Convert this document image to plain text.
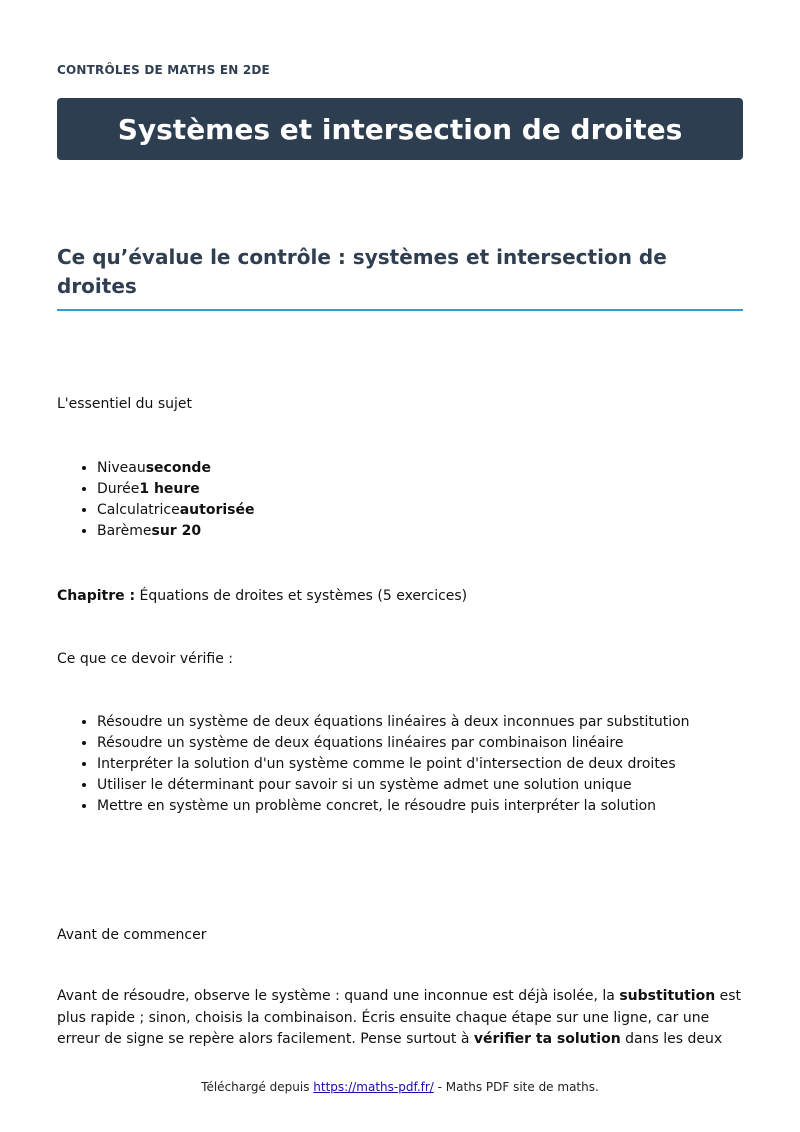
CONTRÔLES DE MATHS EN 2DE
Systèmes et intersection de droites
Ce qu’évalue le contrôle : systèmes et intersection de droites

L'essentiel du sujet

• Niveauseconde
• Durée1 heure
• Calculatriceautorisée
• Barèmesur 20

Chapitre : Équations de droites et systèmes (5 exercices)

Ce que ce devoir vérifie :

• Résoudre un système de deux équations linéaires à deux inconnues par substitution
• Résoudre un système de deux équations linéaires par combinaison linéaire
• Interpréter la solution d'un système comme le point d'intersection de deux droites
• Utiliser le déterminant pour savoir si un système admet une solution unique
• Mettre en système un problème concret, le résoudre puis interpréter la solution

Avant de commencer

Avant de résoudre, observe le système : quand une inconnue est déjà isolée, la substitution est plus rapide ; sinon, choisis la combinaison. Écris ensuite chaque étape sur une ligne, car une erreur de signe se repère alors facilement. Pense surtout à vérifier ta solution dans les deux

Téléchargé depuis https://maths-pdf.fr/ - Maths PDF site de maths.
